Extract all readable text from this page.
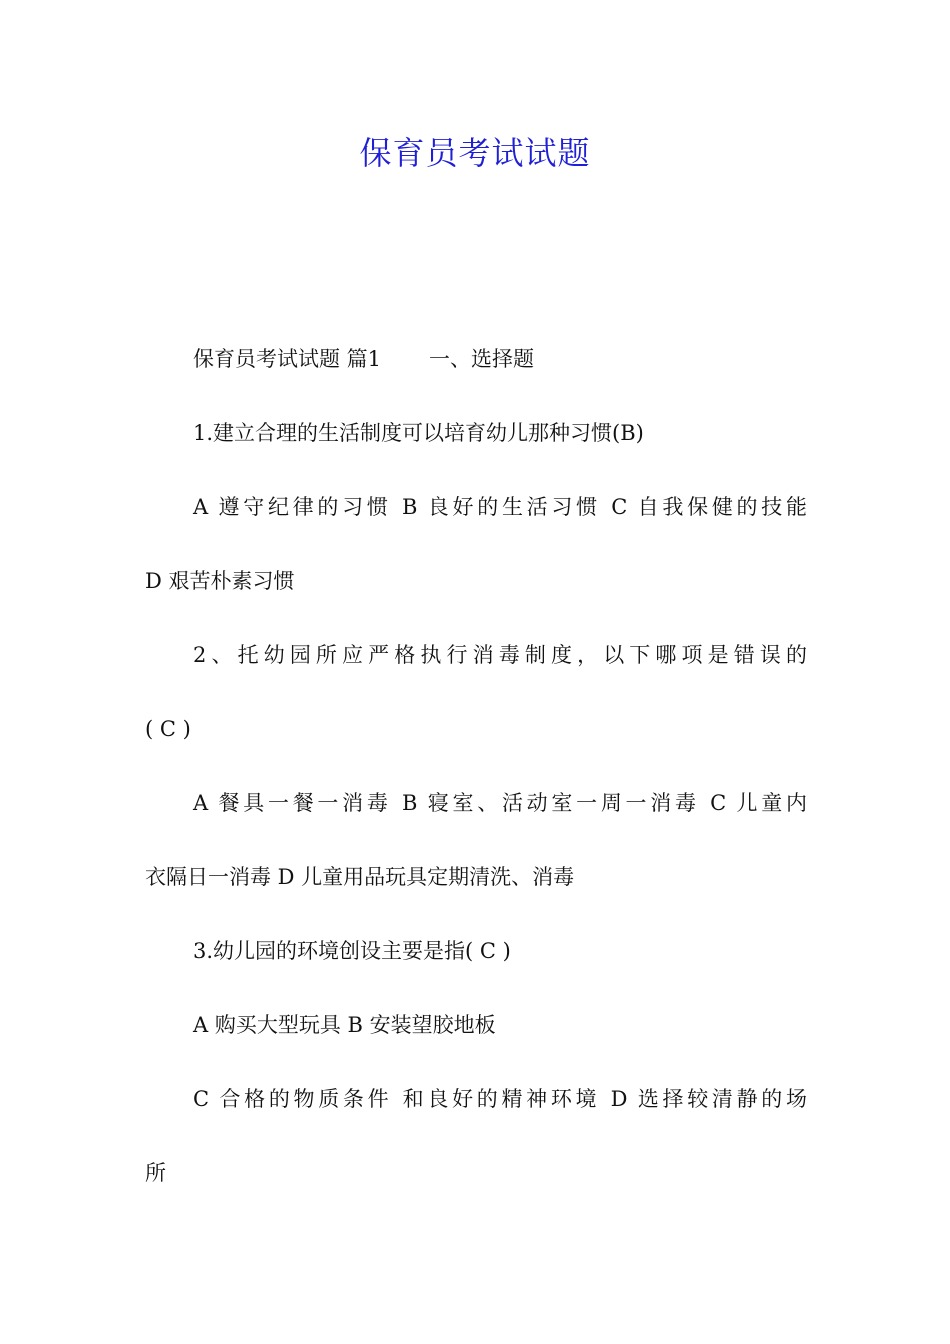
保育员考试试题
保育员考试试题 篇1 一、选择题
1.建立合理的生活制度可以培育幼儿那种习惯(B)
A 遵守纪律的习惯 B 良好的生活习惯 C 自我保健的技能
D 艰苦朴素习惯
2、托幼园所应严格执行消毒制度，以下哪项是错误的
( C )
A 餐具一餐一消毒 B 寝室、活动室一周一消毒 C 儿童内
衣隔日一消毒 D 儿童用品玩具定期清洗、消毒
3.幼儿园的环境创设主要是指( C )
A 购买大型玩具 B 安装望胶地板
C 合格的物质条件 和良好的精神环境 D 选择较清静的场
所
